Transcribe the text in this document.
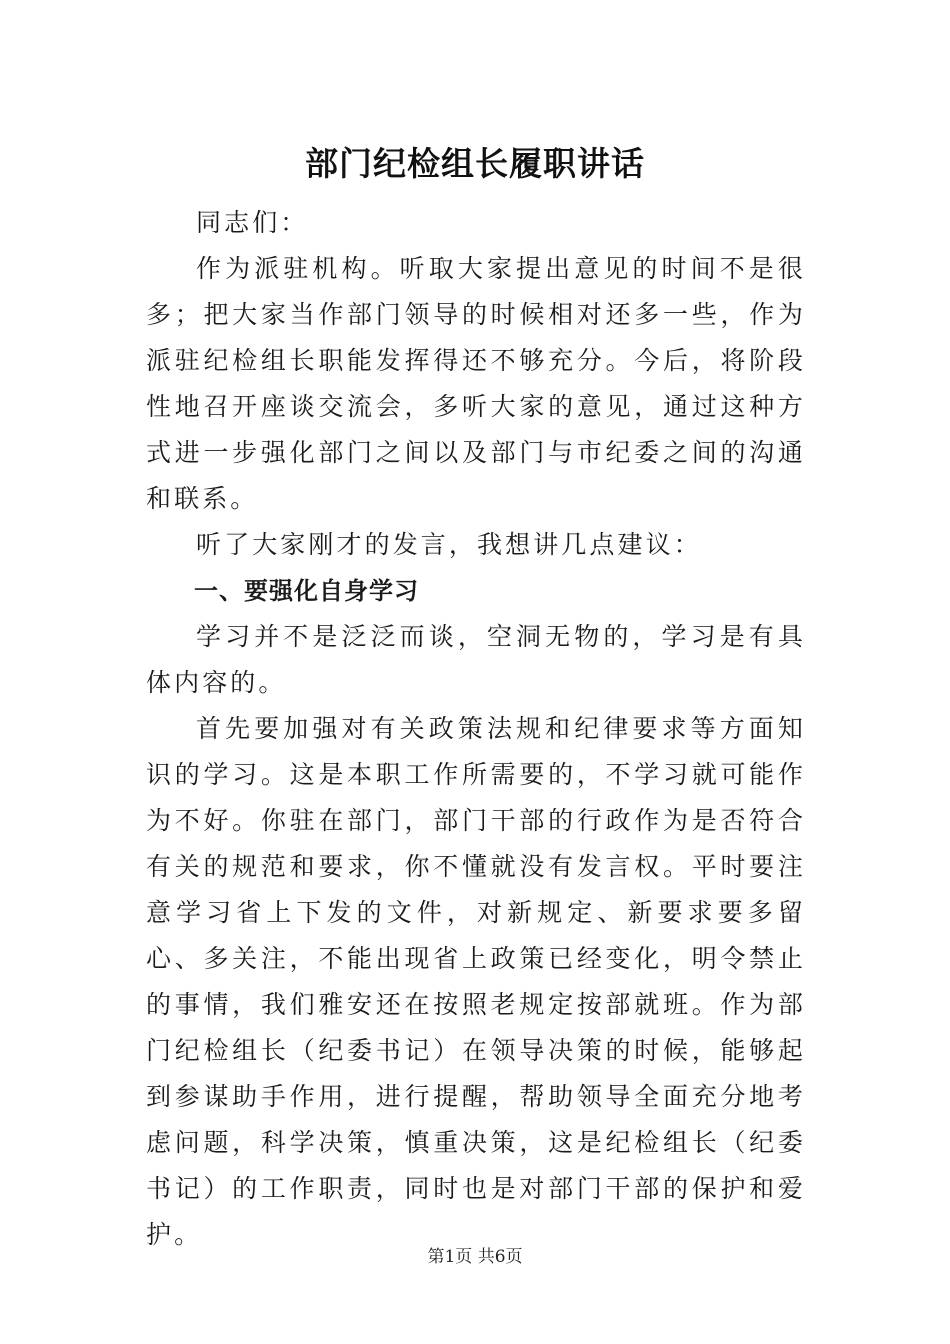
部门纪检组长履职讲话

同志们：

作为派驻机构。听取大家提出意见的时间不是很多；把大家当作部门领导的时候相对还多一些，作为派驻纪检组长职能发挥得还不够充分。今后，将阶段性地召开座谈交流会，多听大家的意见，通过这种方式进一步强化部门之间以及部门与市纪委之间的沟通和联系。

听了大家刚才的发言，我想讲几点建议：

一、要强化自身学习

学习并不是泛泛而谈，空洞无物的，学习是有具体内容的。

首先要加强对有关政策法规和纪律要求等方面知识的学习。这是本职工作所需要的，不学习就可能作为不好。你驻在部门，部门干部的行政作为是否符合有关的规范和要求，你不懂就没有发言权。平时要注意学习省上下发的文件，对新规定、新要求要多留心、多关注，不能出现省上政策已经变化，明令禁止的事情，我们雅安还在按照老规定按部就班。作为部门纪检组长（纪委书记）在领导决策的时候，能够起到参谋助手作用，进行提醒，帮助领导全面充分地考虑问题，科学决策，慎重决策，这是纪检组长（纪委书记）的工作职责，同时也是对部门干部的保护和爱护。

第1页 共6页
